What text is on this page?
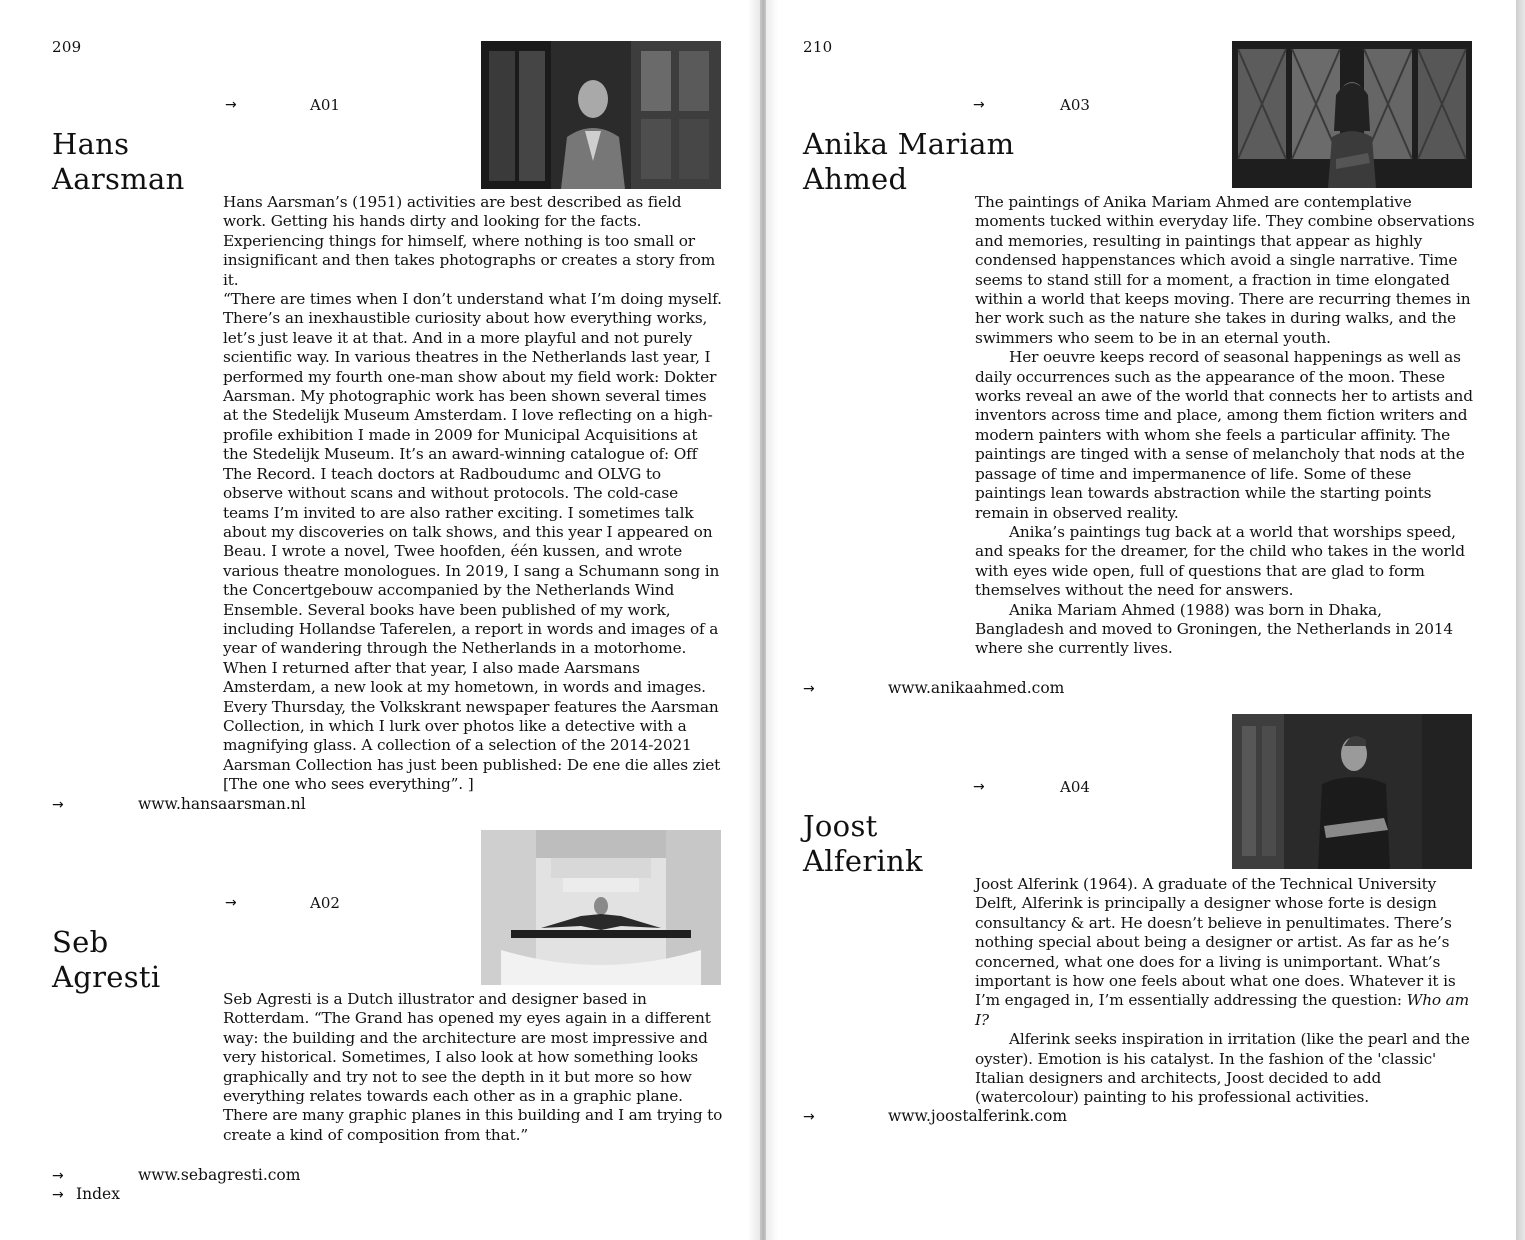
209
→	A01
Hans
Aarsman

Hans Aarsman’s (1951) activities are best described as field work. Getting his hands dirty and looking for the facts. Experiencing things for himself, where nothing is too small or insignificant and then takes photographs or creates a story from it.

“There are times when I don’t understand what I’m doing myself. There’s an inexhaustible curiosity about how everything works, let’s just leave it at that. And in a more playful and not purely scientific way. In various theatres in the Netherlands last year, I performed my fourth one-man show about my field work: Dokter Aarsman. My photographic work has been shown several times at the Stedelijk Museum Amsterdam. I love reflecting on a high-profile exhibition I made in 2009 for Municipal Acquisitions at the Stedelijk Museum. It’s an award-winning catalogue of: Off The Record. I teach doctors at Radboudumc and OLVG to observe without scans and without protocols. The cold-case teams I’m invited to are also rather exciting. I sometimes talk about my discoveries on talk shows, and this year I appeared on Beau. I wrote a novel, Twee hoofden, één kussen, and wrote various theatre monologues. In 2019, I sang a Schumann song in the Concertgebouw accompanied by the Netherlands Wind Ensemble. Several books have been published of my work, including Hollandse Taferelen, a report in words and images of a year of wandering through the Netherlands in a motorhome. When I returned after that year, I also made Aarsmans Amsterdam, a new look at my hometown, in words and images. Every Thursday, the Volkskrant newspaper features the Aarsman Collection, in which I lurk over photos like a detective with a magnifying glass. A collection of a selection of the 2014-2021 Aarsman Collection has just been published: De ene die alles ziet [The one who sees everything”. ]

→	www.hansaarsman.nl
→	A02
Seb
Agresti

Seb Agresti is a Dutch illustrator and designer based in Rotterdam. “The Grand has opened my eyes again in a different way: the building and the architecture are most impressive and very historical. Sometimes, I also look at how something looks graphically and try not to see the depth in it but more so how everything relates towards each other as in a graphic plane. There are many graphic planes in this building and I am trying to create a kind of composition from that.”

→	www.sebagresti.com
→ Index
210
→	A03
Anika Mariam
Ahmed

The paintings of Anika Mariam Ahmed are contemplative moments tucked within everyday life. They combine observations and memories, resulting in paintings that appear as highly condensed happenstances which avoid a single narrative. Time seems to stand still for a moment, a fraction in time elongated within a world that keeps moving. There are recurring themes in her work such as the nature she takes in during walks, and the swimmers who seem to be in an eternal youth.

Her oeuvre keeps record of seasonal happenings as well as daily occurrences such as the appearance of the moon. These works reveal an awe of the world that connects her to artists and inventors across time and place, among them fiction writers and modern painters with whom she feels a particular affinity. The paintings are tinged with a sense of melancholy that nods at the passage of time and impermanence of life. Some of these paintings lean towards abstraction while the starting points remain in observed reality.

Anika’s paintings tug back at a world that worships speed, and speaks for the dreamer, for the child who takes in the world with eyes wide open, full of questions that are glad to form themselves without the need for answers.

Anika Mariam Ahmed (1988) was born in Dhaka, Bangladesh and moved to Groningen, the Netherlands in 2014 where she currently lives.

→	www.anikaahmed.com
→	A04
Joost
Alferink

Joost Alferink (1964). A graduate of the Technical University Delft, Alferink is principally a designer whose forte is design consultancy & art. He doesn’t believe in penultimates. There’s nothing special about being a designer or artist. As far as he’s concerned, what one does for a living is unimportant. What’s important is how one feels about what one does. Whatever it is I’m engaged in, I’m essentially addressing the question: Who am I?

Alferink seeks inspiration in irritation (like the pearl and the oyster). Emotion is his catalyst. In the fashion of the 'classic' Italian designers and architects, Joost decided to add (watercolour) painting to his professional activities.

→	www.joostalferink.com
